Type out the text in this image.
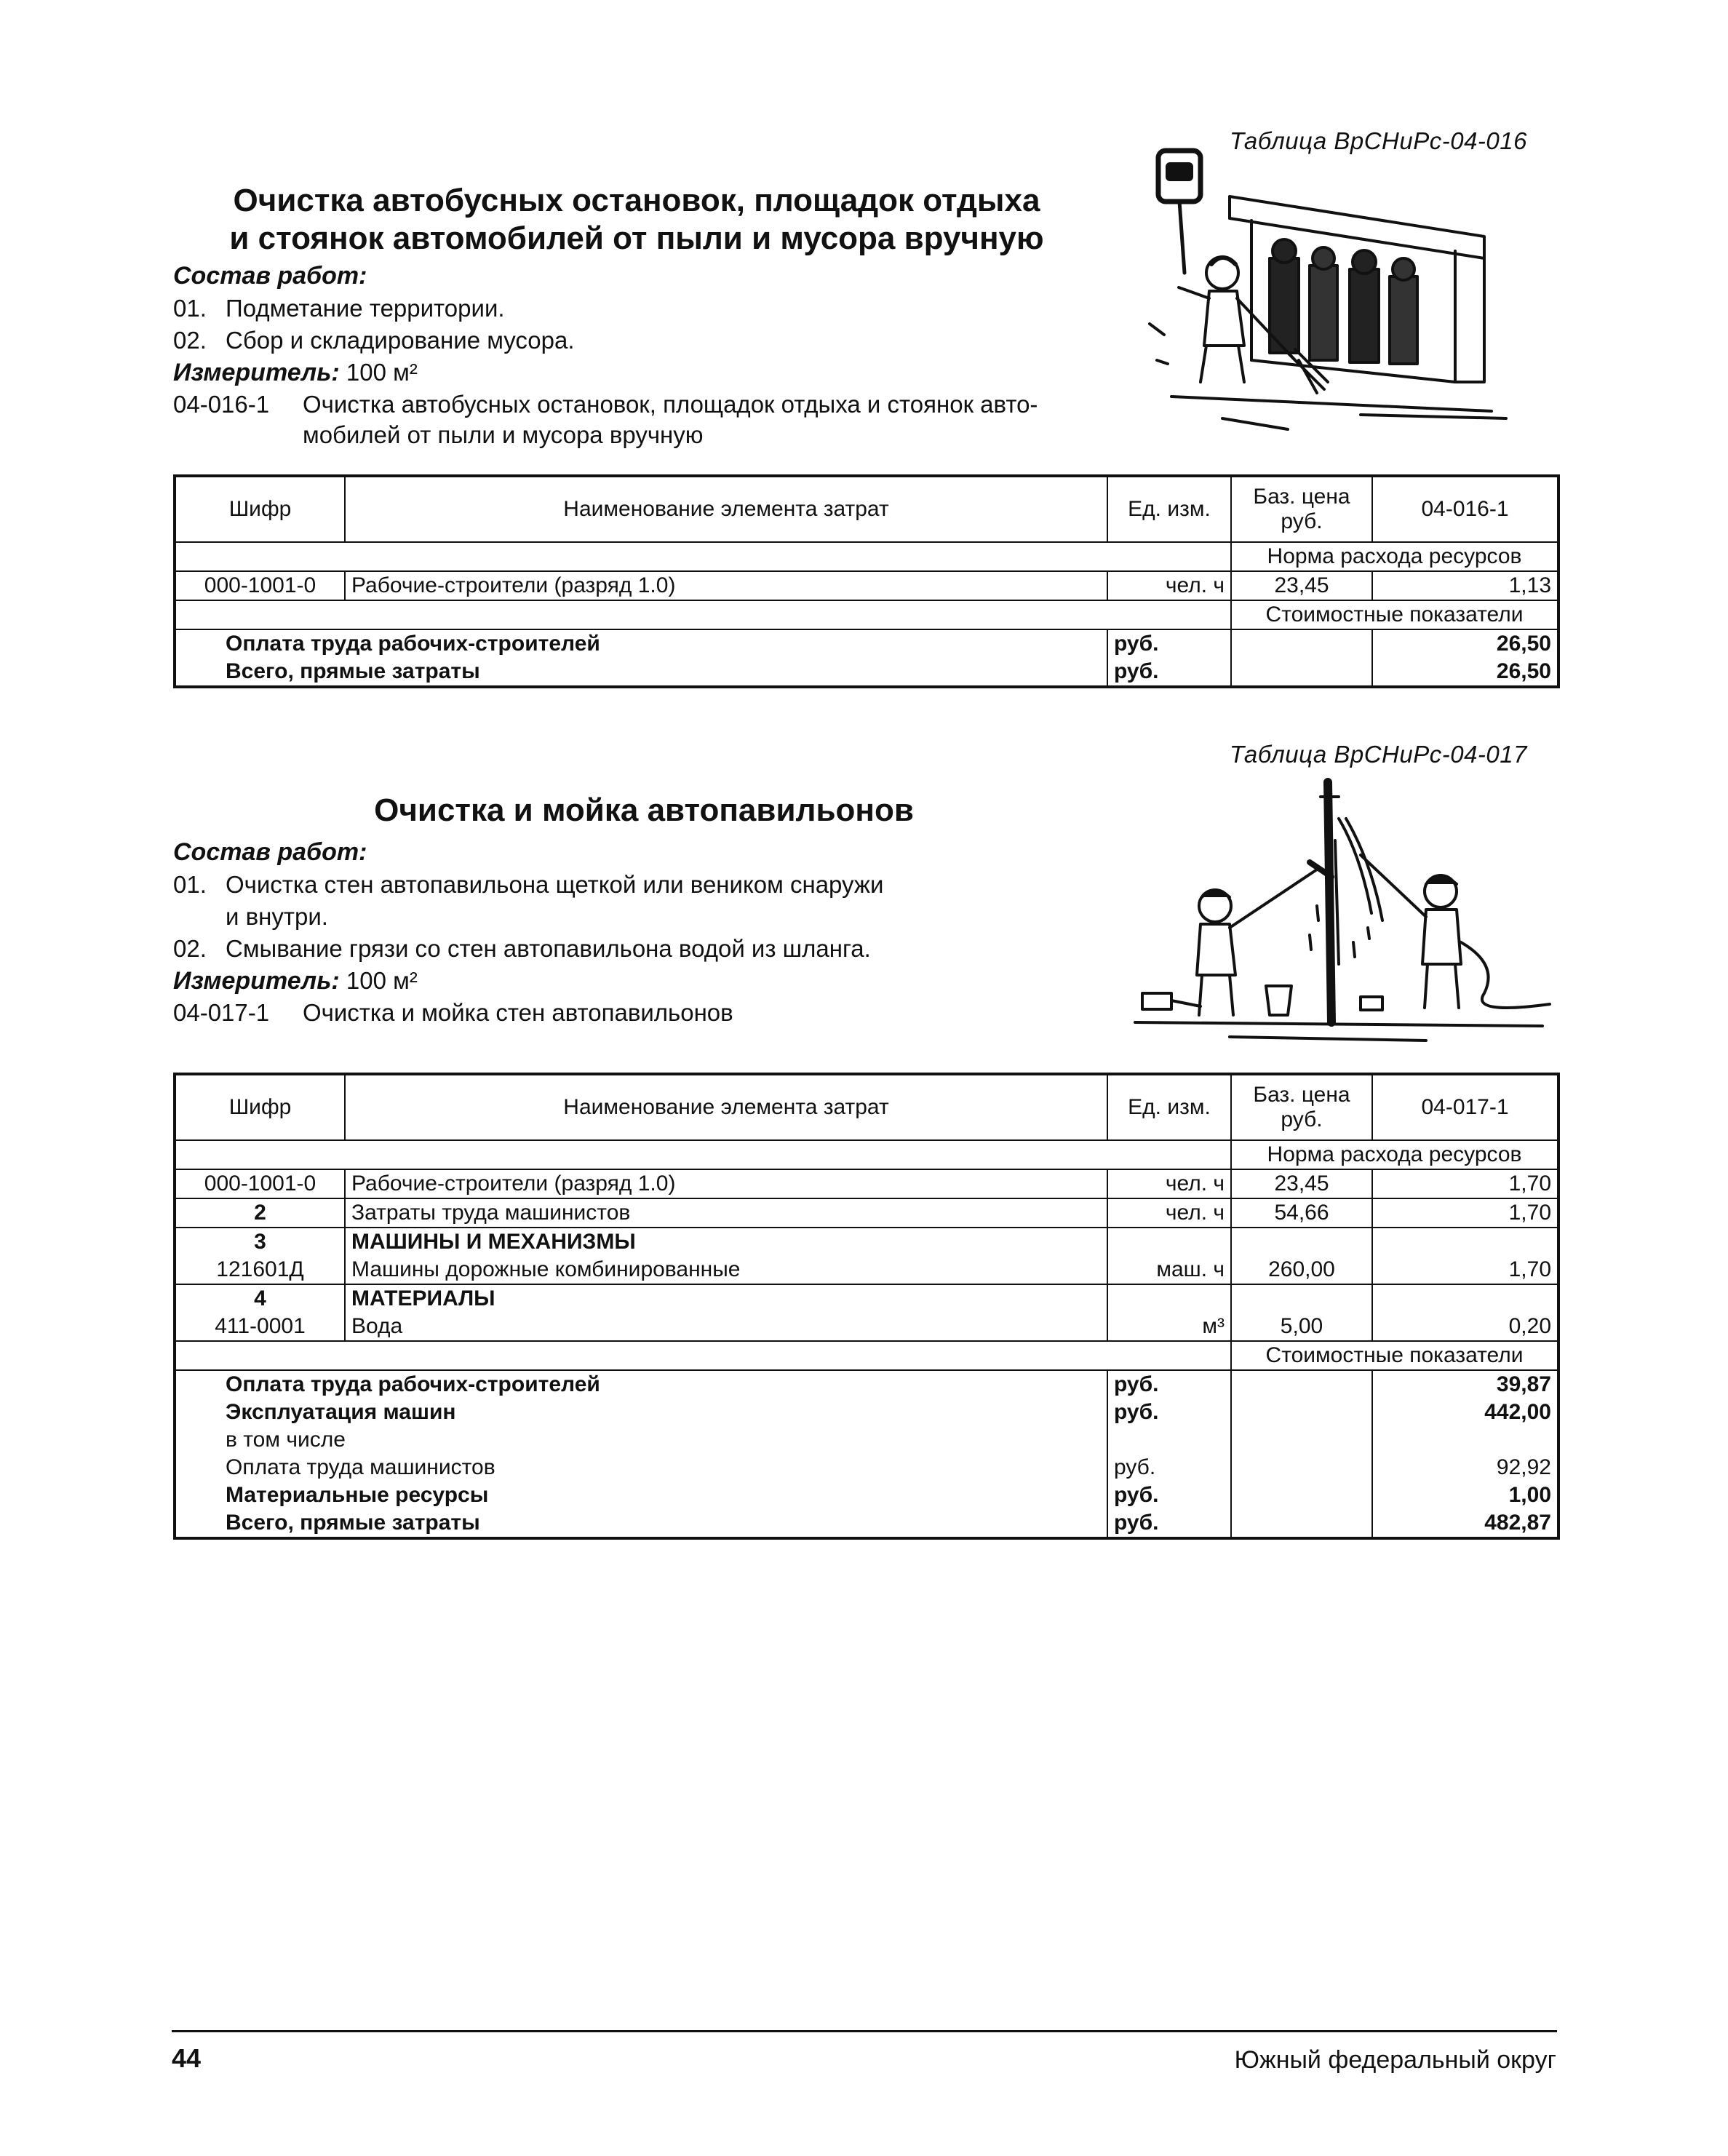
Таблица ВрСНиРс-04-016
Очистка автобусных остановок, площадок отдыха
и стоянок автомобилей от пыли и мусора вручную
Состав работ:
01. Подметание территории.
02. Сбор и складирование мусора.
Измеритель: 100 м²
04-016-1 Очистка автобусных остановок, площадок отдыха и стоянок авто-
мобилей от пыли и мусора вручную
Шифр	Наименование элемента затрат	Ед. изм.	Баз. цена руб.	04-016-1
			Норма расхода ресурсов	
000-1001-0	Рабочие-строители (разряд 1.0)	чел. ч	23,45	1,13
			Стоимостные показатели	
Оплата труда рабочих-строителей		руб.		26,50
Всего, прямые затраты		руб.		26,50
Таблица ВрСНиРс-04-017
Очистка и мойка автопавильонов
Состав работ:
01. Очистка стен автопавильона щеткой или веником снаружи
и внутри.
02. Смывание грязи со стен автопавильона водой из шланга.
Измеритель: 100 м²
04-017-1 Очистка и мойка стен автопавильонов
Шифр	Наименование элемента затрат	Ед. изм.	Баз. цена руб.	04-017-1
			Норма расхода ресурсов	
000-1001-0	Рабочие-строители (разряд 1.0)	чел. ч	23,45	1,70
2	Затраты труда машинистов	чел. ч	54,66	1,70
3	МАШИНЫ И МЕХАНИЗМЫ			
121601Д	Машины дорожные комбинированные	маш. ч	260,00	1,70
4	МАТЕРИАЛЫ			
411-0001	Вода	м³	5,00	0,20
			Стоимостные показатели	
Оплата труда рабочих-строителей		руб.		39,87
Эксплуатация машин		руб.		442,00
в том числе				
Оплата труда машинистов		руб.		92,92
Материальные ресурсы		руб.		1,00
Всего, прямые затраты		руб.		482,87
44	Южный федеральный округ
